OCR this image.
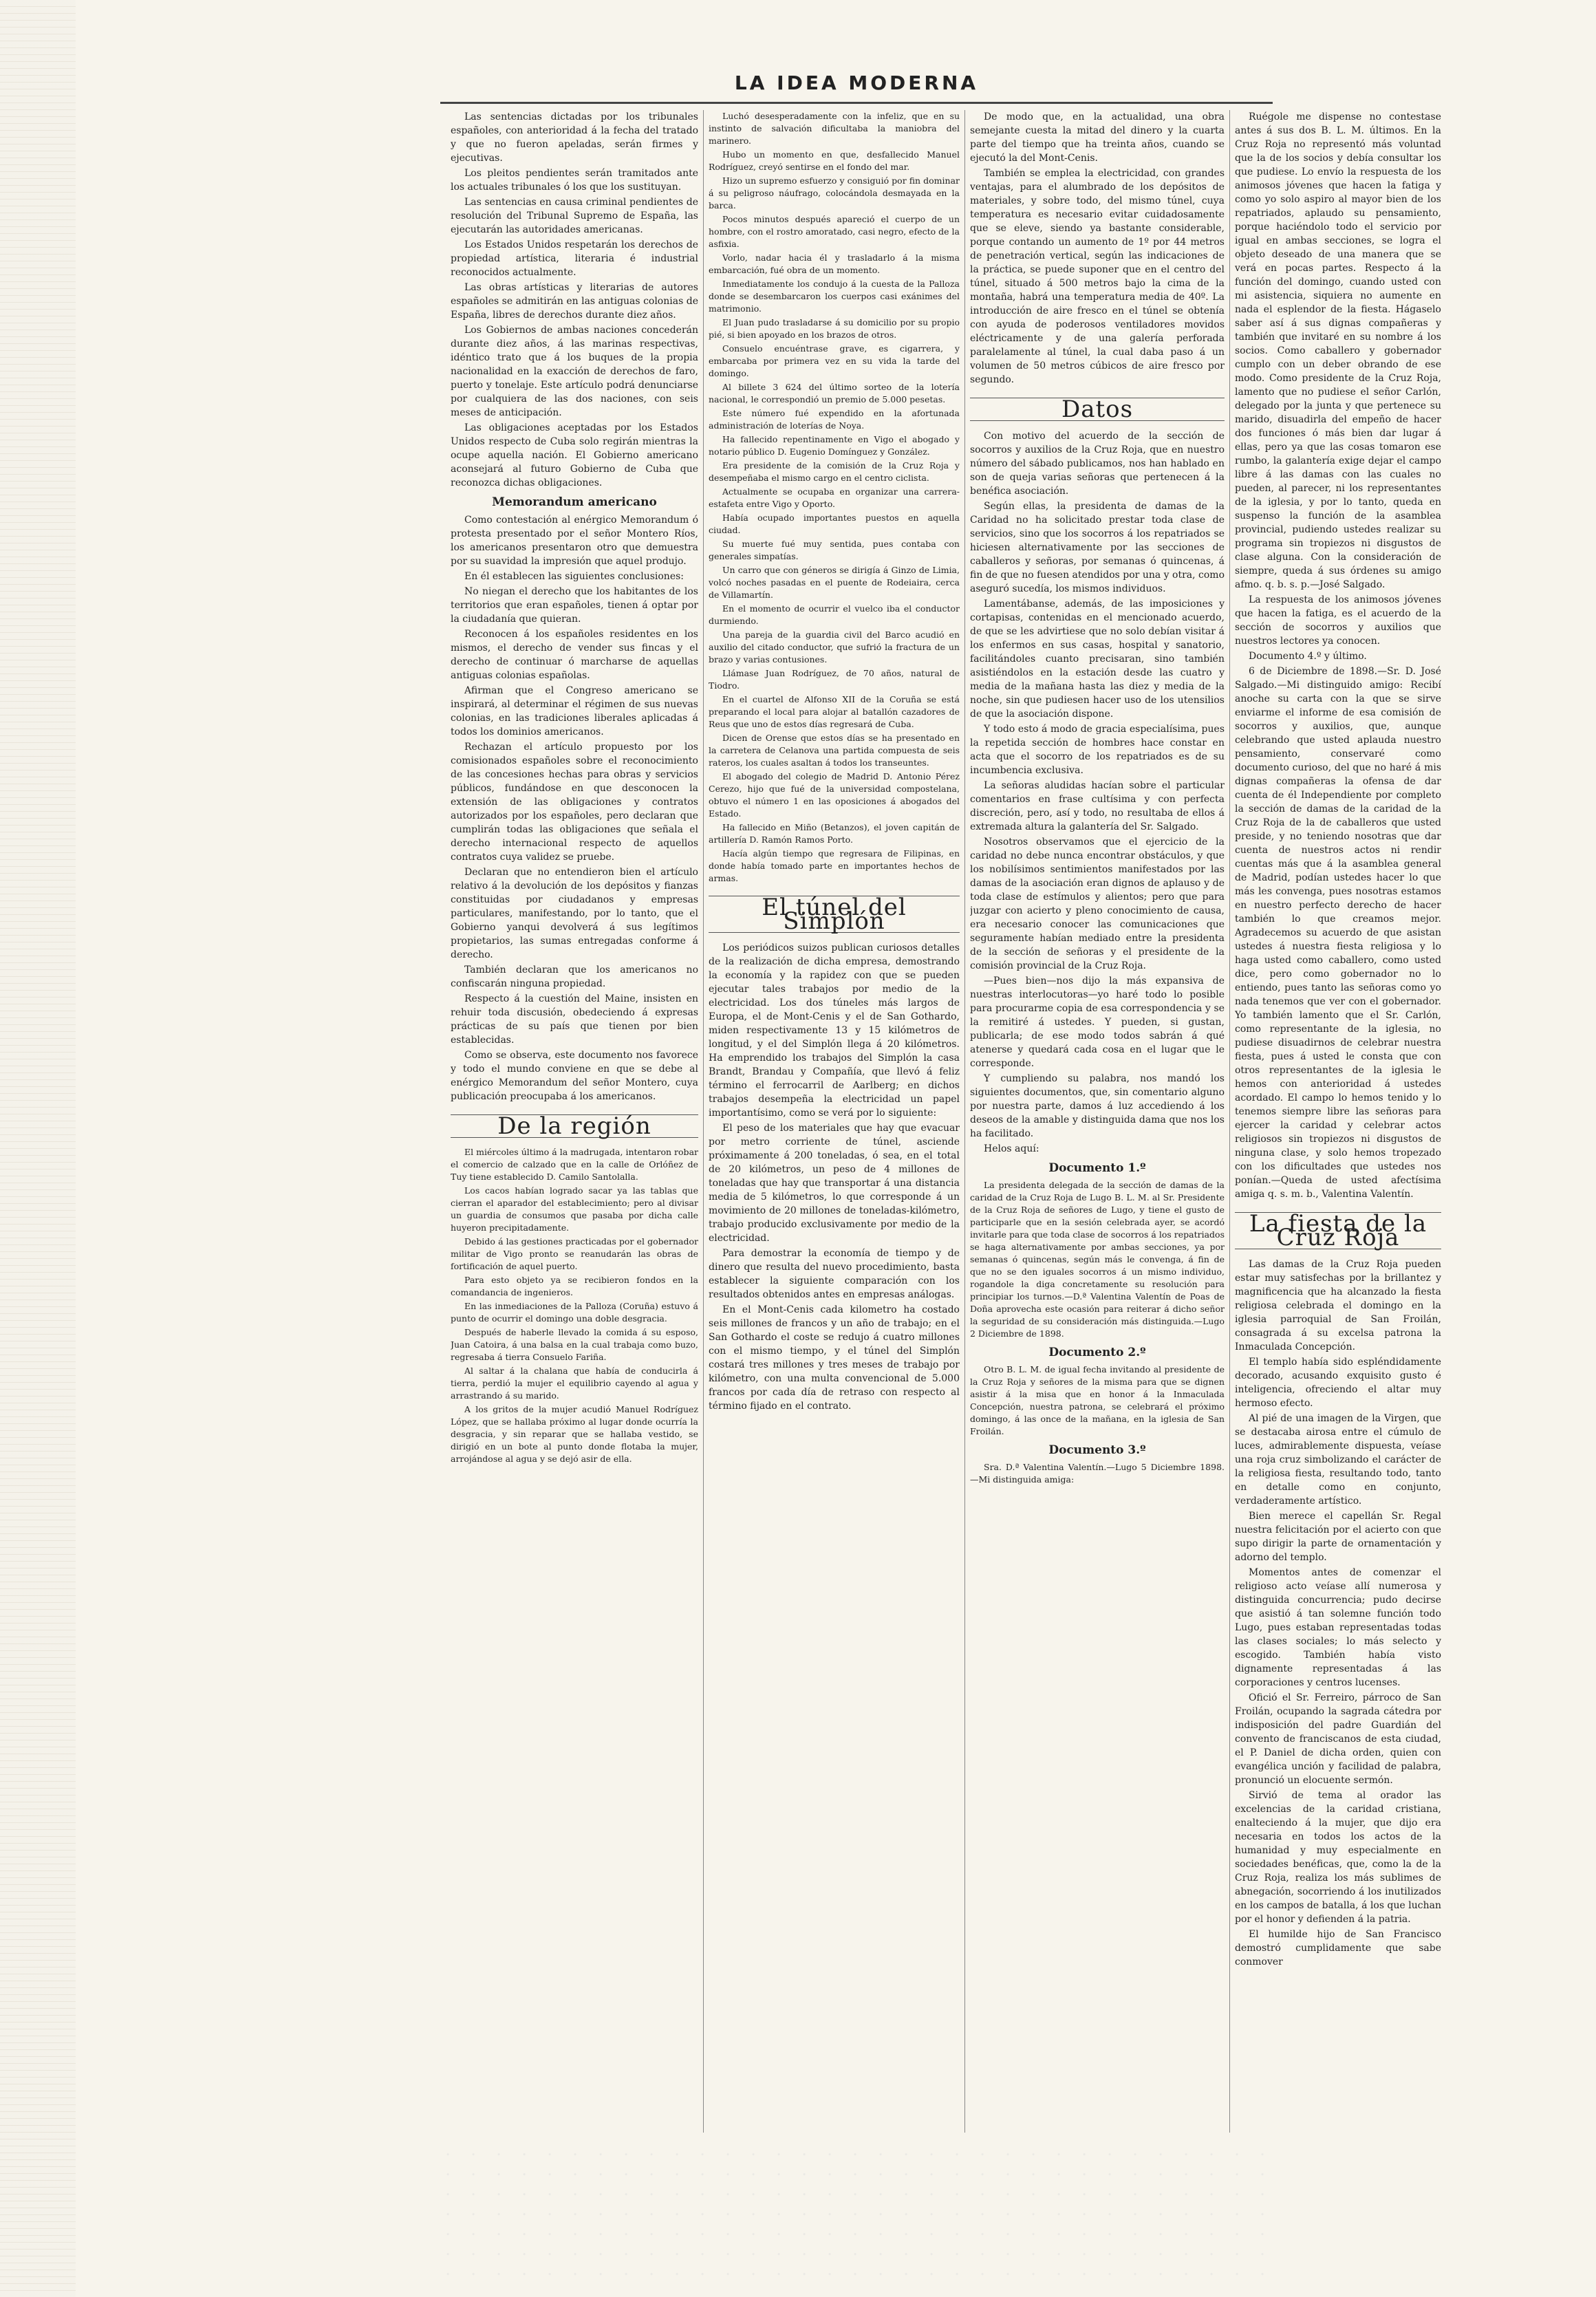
LA IDEA MODERNA

Las sentencias dictadas por los tribunales españoles, con anterioridad á la fecha del tratado y que no fueron apeladas, serán firmes y ejecutivas.

Los pleitos pendientes serán tramitados ante los actuales tribunales ó los que los sustituyan.

Las sentencias en causa criminal pendientes de resolución del Tribunal Supremo de España, las ejecutarán las autoridades americanas.

Los Estados Unidos respetarán los derechos de propiedad artística, literaria é industrial reconocidos actualmente.

Las obras artísticas y literarias de autores españoles se admitirán en las antiguas colonias de España, libres de derechos durante diez años.

Los Gobiernos de ambas naciones concederán durante diez años, á las marinas respectivas, idéntico trato que á los buques de la propia nacionalidad en la exacción de derechos de faro, puerto y tonelaje. Este artículo podrá denunciarse por cualquiera de las dos naciones, con seis meses de anticipación.

Las obligaciones aceptadas por los Estados Unidos respecto de Cuba solo regirán mientras la ocupe aquella nación. El Gobierno americano aconsejará al futuro Gobierno de Cuba que reconozca dichas obligaciones.

Memorandum americano

Como contestación al enérgico Memorandum ó protesta presentado por el señor Montero Ríos, los americanos presentaron otro que demuestra por su suavidad la impresión que aquel produjo.

En él establecen las siguientes conclusiones:

No niegan el derecho que los habitantes de los territorios que eran españoles, tienen á optar por la ciudadanía que quieran.

Reconocen á los españoles residentes en los mismos, el derecho de vender sus fincas y el derecho de continuar ó marcharse de aquellas antiguas colonias españolas.

Afirman que el Congreso americano se inspirará, al determinar el régimen de sus nuevas colonias, en las tradiciones liberales aplicadas á todos los dominios americanos.

Rechazan el artículo propuesto por los comisionados españoles sobre el reconocimiento de las concesiones hechas para obras y servicios públicos, fundándose en que desconocen la extensión de las obligaciones y contratos autorizados por los españoles, pero declaran que cumplirán todas las obligaciones que señala el derecho internacional respecto de aquellos contratos cuya validez se pruebe.

Declaran que no entendieron bien el artículo relativo á la devolución de los depósitos y fianzas constituidas por ciudadanos y empresas particulares, manifestando, por lo tanto, que el Gobierno yanqui devolverá á sus legítimos propietarios, las sumas entregadas conforme á derecho.

También declaran que los americanos no confiscarán ninguna propiedad.

Respecto á la cuestión del Maine, insisten en rehuir toda discusión, obedeciendo á expresas prácticas de su país que tienen por bien establecidas.

Como se observa, este documento nos favorece y todo el mundo conviene en que se debe al enérgico Memorandum del señor Montero, cuya publicación preocupaba á los americanos.

De la región

El miércoles último á la madrugada, intentaron robar el comercio de calzado que en la calle de Orlóñez de Tuy tiene establecido D. Camilo Santolalla.

Los cacos habían logrado sacar ya las tablas que cierran el aparador del establecimiento; pero al divisar un guardia de consumos que pasaba por dicha calle huyeron precipitadamente.

Debido á las gestiones practicadas por el gobernador militar de Vigo pronto se reanudarán las obras de fortificación de aquel puerto.

Para esto objeto ya se recibieron fondos en la comandancia de ingenieros.

En las inmediaciones de la Palloza (Coruña) estuvo á punto de ocurrir el domingo una doble desgracia.

Después de haberle llevado la comida á su esposo, Juan Catoira, á una balsa en la cual trabaja como buzo, regresaba á tierra Consuelo Fariña.

Al saltar á la chalana que había de conducirla á tierra, perdió la mujer el equilibrio cayendo al agua y arrastrando á su marido.

A los gritos de la mujer acudió Manuel Rodríguez López, que se hallaba próximo al lugar donde ocurría la desgracia, y sin reparar que se hallaba vestido, se dirigió en un bote al punto donde flotaba la mujer, arrojándose al agua y se dejó asir de ella.

Luchó desesperadamente con la infeliz, que en su instinto de salvación dificultaba la maniobra del marinero.

Hubo un momento en que, desfallecido Manuel Rodríguez, creyó sentirse en el fondo del mar.

Hizo un supremo esfuerzo y consiguió por fin dominar á su peligroso náufrago, colocándola desmayada en la barca.

Pocos minutos después apareció el cuerpo de un hombre, con el rostro amoratado, casi negro, efecto de la asfixia.

Vorlo, nadar hacia él y trasladarlo á la misma embarcación, fué obra de un momento.

Inmediatamente los condujo á la cuesta de la Palloza donde se desembarcaron los cuerpos casi exánimes del matrimonio.

El Juan pudo trasladarse á su domicilio por su propio pié, si bien apoyado en los brazos de otros.

Consuelo encuéntrase grave, es cigarrera, y embarcaba por primera vez en su vida la tarde del domingo.

Al billete 3 624 del último sorteo de la lotería nacional, le correspondió un premio de 5.000 pesetas.

Este número fué expendido en la afortunada administración de loterías de Noya.

Ha fallecido repentinamente en Vigo el abogado y notario público D. Eugenio Domínguez y González.

Era presidente de la comisión de la Cruz Roja y desempeñaba el mismo cargo en el centro ciclista.

Actualmente se ocupaba en organizar una carrera-estafeta entre Vigo y Oporto.

Había ocupado importantes puestos en aquella ciudad.

Su muerte fué muy sentida, pues contaba con generales simpatías.

Un carro que con géneros se dirigía á Ginzo de Limia, volcó noches pasadas en el puente de Rodeiaira, cerca de Villamartín.

En el momento de ocurrir el vuelco iba el conductor durmiendo.

Una pareja de la guardia civil del Barco acudió en auxilio del citado conductor, que sufrió la fractura de un brazo y varias contusiones.

Llámase Juan Rodríguez, de 70 años, natural de Tiodro.

En el cuartel de Alfonso XII de la Coruña se está preparando el local para alojar al batallón cazadores de Reus que uno de estos días regresará de Cuba.

Dicen de Orense que estos días se ha presentado en la carretera de Celanova una partida compuesta de seis rateros, los cuales asaltan á todos los transeuntes.

El abogado del colegio de Madrid D. Antonio Pérez Cerezo, hijo que fué de la universidad compostelana, obtuvo el número 1 en las oposiciones á abogados del Estado.

Ha fallecido en Miño (Betanzos), el joven capitán de artillería D. Ramón Ramos Porto.

Hacía algún tiempo que regresara de Filipinas, en donde había tomado parte en importantes hechos de armas.

El túnel del Simplón

Los periódicos suizos publican curiosos detalles de la realización de dicha empresa, demostrando la economía y la rapidez con que se pueden ejecutar tales trabajos por medio de la electricidad. Los dos túneles más largos de Europa, el de Mont-Cenis y el de San Gothardo, miden respectivamente 13 y 15 kilómetros de longitud, y el del Simplón llega á 20 kilómetros. Ha emprendido los trabajos del Simplón la casa Brandt, Brandau y Compañía, que llevó á feliz término el ferrocarril de Aarlberg; en dichos trabajos desempeña la electricidad un papel importantísimo, como se verá por lo siguiente:

El peso de los materiales que hay que evacuar por metro corriente de túnel, asciende próximamente á 200 toneladas, ó sea, en el total de 20 kilómetros, un peso de 4 millones de toneladas que hay que transportar á una distancia media de 5 kilómetros, lo que corresponde á un movimiento de 20 millones de toneladas-kilómetro, trabajo producido exclusivamente por medio de la electricidad.

Para demostrar la economía de tiempo y de dinero que resulta del nuevo procedimiento, basta establecer la siguiente comparación con los resultados obtenidos antes en empresas análogas.

En el Mont-Cenis cada kilometro ha costado seis millones de francos y un año de trabajo; en el San Gothardo el coste se redujo á cuatro millones con el mismo tiempo, y el túnel del Simplón costará tres millones y tres meses de trabajo por kilómetro, con una multa convencional de 5.000 francos por cada día de retraso con respecto al término fijado en el contrato.

De modo que, en la actualidad, una obra semejante cuesta la mitad del dinero y la cuarta parte del tiempo que ha treinta años, cuando se ejecutó la del Mont-Cenis.

También se emplea la electricidad, con grandes ventajas, para el alumbrado de los depósitos de materiales, y sobre todo, del mismo túnel, cuya temperatura es necesario evitar cuidadosamente que se eleve, siendo ya bastante considerable, porque contando un aumento de 1º por 44 metros de penetración vertical, según las indicaciones de la práctica, se puede suponer que en el centro del túnel, situado á 500 metros bajo la cima de la montaña, habrá una temperatura media de 40º. La introducción de aire fresco en el túnel se obtenía con ayuda de poderosos ventiladores movidos eléctricamente y de una galería perforada paralelamente al túnel, la cual daba paso á un volumen de 50 metros cúbicos de aire fresco por segundo.

Datos

Con motivo del acuerdo de la sección de socorros y auxilios de la Cruz Roja, que en nuestro número del sábado publicamos, nos han hablado en son de queja varias señoras que pertenecen á la benéfica asociación.

Según ellas, la presidenta de damas de la Caridad no ha solicitado prestar toda clase de servicios, sino que los socorros á los repatriados se hiciesen alternativamente por las secciones de caballeros y señoras, por semanas ó quincenas, á fin de que no fuesen atendidos por una y otra, como aseguró sucedía, los mismos individuos.

Lamentábanse, además, de las imposiciones y cortapisas, contenidas en el mencionado acuerdo, de que se les advirtiese que no solo debían visitar á los enfermos en sus casas, hospital y sanatorio, facilitándoles cuanto precisaran, sino también asistiéndolos en la estación desde las cuatro y media de la mañana hasta las diez y media de la noche, sin que pudiesen hacer uso de los utensilios de que la asociación dispone.

Y todo esto á modo de gracia especialísima, pues la repetida sección de hombres hace constar en acta que el socorro de los repatriados es de su incumbencia exclusiva.

La señoras aludidas hacían sobre el particular comentarios en frase cultísima y con perfecta discreción, pero, así y todo, no resultaba de ellos á extremada altura la galantería del Sr. Salgado.

Nosotros observamos que el ejercicio de la caridad no debe nunca encontrar obstáculos, y que los nobilísimos sentimientos manifestados por las damas de la asociación eran dignos de aplauso y de toda clase de estímulos y alientos; pero que para juzgar con acierto y pleno conocimiento de causa, era necesario conocer las comunicaciones que seguramente habían mediado entre la presidenta de la sección de señoras y el presidente de la comisión provincial de la Cruz Roja.

—Pues bien—nos dijo la más expansiva de nuestras interlocutoras—yo haré todo lo posible para procurarme copia de esa correspondencia y se la remitiré á ustedes. Y pueden, si gustan, publicarla; de ese modo todos sabrán á qué atenerse y quedará cada cosa en el lugar que le corresponde.

Y cumpliendo su palabra, nos mandó los siguientes documentos, que, sin comentario alguno por nuestra parte, damos á luz accediendo á los deseos de la amable y distinguida dama que nos los ha facilitado.

Helos aquí:

Documento 1.º

La presidenta delegada de la sección de damas de la caridad de la Cruz Roja de Lugo B. L. M. al Sr. Presidente de la Cruz Roja de señores de Lugo, y tiene el gusto de participarle que en la sesión celebrada ayer, se acordó invitarle para que toda clase de socorros á los repatriados se haga alternativamente por ambas secciones, ya por semanas ó quincenas, según más le convenga, á fin de que no se den iguales socorros á un mismo individuo, rogandole la diga concretamente su resolución para principiar los turnos.—D.ª Valentina Valentín de Poas de Doña aprovecha este ocasión para reiterar á dicho señor la seguridad de su consideración más distinguida.—Lugo 2 Diciembre de 1898.

Documento 2.º

Otro B. L. M. de igual fecha invitando al presidente de la Cruz Roja y señores de la misma para que se dignen asistir á la misa que en honor á la Inmaculada Concepción, nuestra patrona, se celebrará el próximo domingo, á las once de la mañana, en la iglesia de San Froilán.

Documento 3.º

Sra. D.ª Valentina Valentín.—Lugo 5 Diciembre 1898.—Mi distinguida amiga:

Ruégole me dispense no contestase antes á sus dos B. L. M. últimos. En la Cruz Roja no representó más voluntad que la de los socios y debía consultar los que pudiese. Lo envío la respuesta de los animosos jóvenes que hacen la fatiga y como yo solo aspiro al mayor bien de los repatriados, aplaudo su pensamiento, porque haciéndolo todo el servicio por igual en ambas secciones, se logra el objeto deseado de una manera que se verá en pocas partes. Respecto á la función del domingo, cuando usted con mi asistencia, siquiera no aumente en nada el esplendor de la fiesta. Hágaselo saber así á sus dignas compañeras y también que invitaré en su nombre á los socios. Como caballero y gobernador cumplo con un deber obrando de ese modo. Como presidente de la Cruz Roja, lamento que no pudiese el señor Carlón, delegado por la junta y que pertenece su marido, disuadirla del empeño de hacer dos funciones ó más bien dar lugar á ellas, pero ya que las cosas tomaron ese rumbo, la galantería exige dejar el campo libre á las damas con las cuales no pueden, al parecer, ni los representantes de la iglesia, y por lo tanto, queda en suspenso la función de la asamblea provincial, pudiendo ustedes realizar su programa sin tropiezos ni disgustos de clase alguna. Con la consideración de siempre, queda á sus órdenes su amigo afmo. q. b. s. p.—José Salgado.

La respuesta de los animosos jóvenes que hacen la fatiga, es el acuerdo de la sección de socorros y auxilios que nuestros lectores ya conocen.

Documento 4.º y último.

6 de Diciembre de 1898.—Sr. D. José Salgado.—Mi distinguido amigo: Recibí anoche su carta con la que se sirve enviarme el informe de esa comisión de socorros y auxilios, que, aunque celebrando que usted aplauda nuestro pensamiento, conservaré como documento curioso, del que no haré á mis dignas compañeras la ofensa de dar cuenta de él Independiente por completo la sección de damas de la caridad de la Cruz Roja de la de caballeros que usted preside, y no teniendo nosotras que dar cuenta de nuestros actos ni rendir cuentas más que á la asamblea general de Madrid, podían ustedes hacer lo que más les convenga, pues nosotras estamos en nuestro perfecto derecho de hacer también lo que creamos mejor. Agradecemos su acuerdo de que asistan ustedes á nuestra fiesta religiosa y lo haga usted como caballero, como usted dice, pero como gobernador no lo entiendo, pues tanto las señoras como yo nada tenemos que ver con el gobernador. Yo también lamento que el Sr. Carlón, como representante de la iglesia, no pudiese disuadirnos de celebrar nuestra fiesta, pues á usted le consta que con otros representantes de la iglesia le hemos con anterioridad á ustedes acordado. El campo lo hemos tenido y lo tenemos siempre libre las señoras para ejercer la caridad y celebrar actos religiosos sin tropiezos ni disgustos de ninguna clase, y solo hemos tropezado con los dificultades que ustedes nos ponían.—Queda de usted afectísima amiga q. s. m. b., Valentina Valentín.

La fiesta de la Cruz Roja

Las damas de la Cruz Roja pueden estar muy satisfechas por la brillantez y magnificencia que ha alcanzado la fiesta religiosa celebrada el domingo en la iglesia parroquial de San Froilán, consagrada á su excelsa patrona la Inmaculada Concepción.

El templo había sido espléndidamente decorado, acusando exquisito gusto é inteligencia, ofreciendo el altar muy hermoso efecto.

Al pié de una imagen de la Virgen, que se destacaba airosa entre el cúmulo de luces, admirablemente dispuesta, veíase una roja cruz simbolizando el carácter de la religiosa fiesta, resultando todo, tanto en detalle como en conjunto, verdaderamente artístico.

Bien merece el capellán Sr. Regal nuestra felicitación por el acierto con que supo dirigir la parte de ornamentación y adorno del templo.

Momentos antes de comenzar el religioso acto veíase allí numerosa y distinguida concurrencia; pudo decirse que asistió á tan solemne función todo Lugo, pues estaban representadas todas las clases sociales; lo más selecto y escogido. También había visto dignamente representadas á las corporaciones y centros lucenses.

Ofició el Sr. Ferreiro, párroco de San Froilán, ocupando la sagrada cátedra por indisposición del padre Guardián del convento de franciscanos de esta ciudad, el P. Daniel de dicha orden, quien con evangélica unción y facilidad de palabra, pronunció un elocuente sermón.

Sirvió de tema al orador las excelencias de la caridad cristiana, enalteciendo á la mujer, que dijo era necesaria en todos los actos de la humanidad y muy especialmente en sociedades benéficas, que, como la de la Cruz Roja, realiza los más sublimes de abnegación, socorriendo á los inutilizados en los campos de batalla, á los que luchan por el honor y defienden á la patria.

El humilde hijo de San Francisco demostró cumplidamente que sabe conmover
